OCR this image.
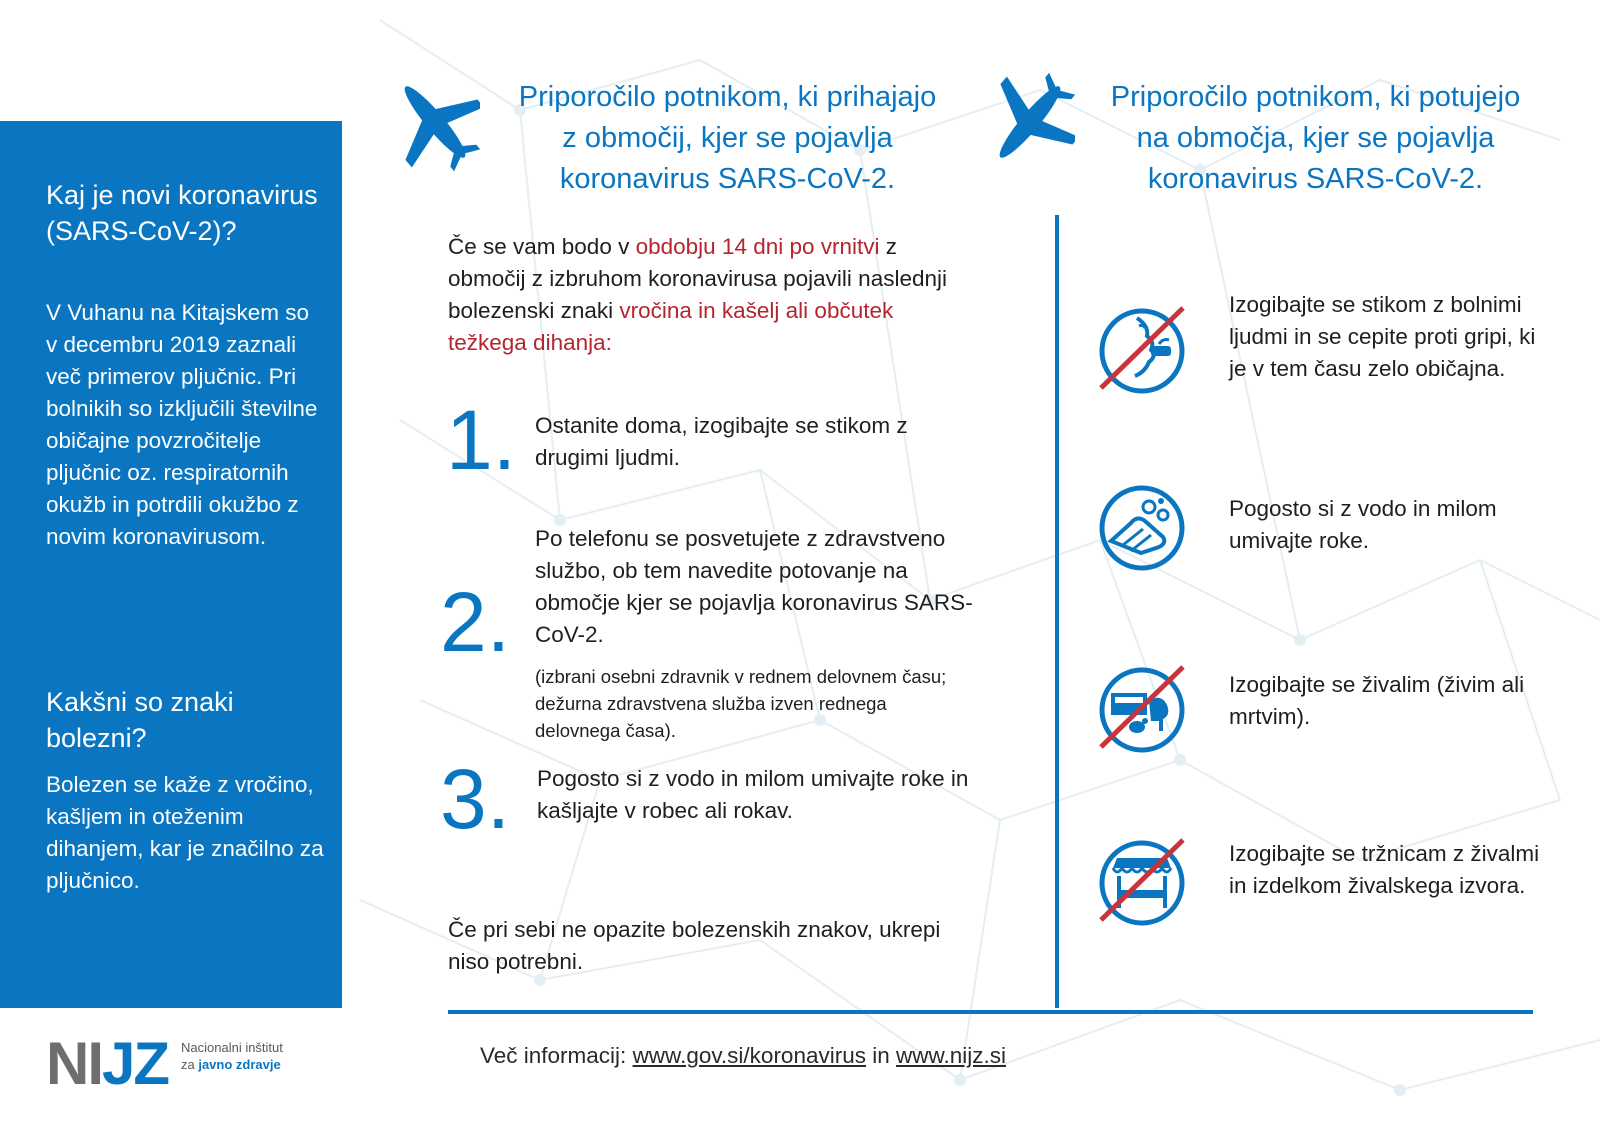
Kaj je novi koronavirus (SARS-CoV-2)?
V Vuhanu na Kitajskem so v decembru 2019 zaznali več primerov pljučnic. Pri bolnikih so izključili številne običajne povzročitelje pljučnic oz. respiratornih okužb in potrdili okužbo z novim koronavirusom.
Kakšni so znaki bolezni?
Bolezen se kaže z vročino, kašljem in oteženim dihanjem, kar je značilno za pljučnico.
Priporočilo potnikom, ki prihajajo
z območij, kjer se pojavlja
koronavirus SARS-CoV-2.
Priporočilo potnikom, ki potujejo
na območja, kjer se pojavlja
koronavirus SARS-CoV-2.
Če se vam bodo v obdobju 14 dni po vrnitvi z območij z izbruhom koronavirusa pojavili naslednji bolezenski znaki vročina in kašelj ali občutek težkega dihanja:
1. Ostanite doma, izogibajte se stikom z drugimi ljudmi.
2.
Po telefonu se posvetujete z zdravstveno službo, ob tem navedite potovanje na območje kjer se pojavlja koronavirus SARS-CoV-2.
(izbrani osebni zdravnik v rednem delovnem času; dežurna zdravstvena služba izven rednega delovnega časa).
3. Pogosto si z vodo in milom umivajte roke in kašljajte v robec ali rokav.
Če pri sebi ne opazite bolezenskih znakov, ukrepi niso potrebni.
Izogibajte se stikom z bolnimi ljudmi in se cepite proti gripi, ki je v tem času zelo običajna.
Pogosto si z vodo in milom umivajte roke.
Izogibajte se živalim (živim ali mrtvim).
Izogibajte se tržnicam z živalmi in izdelkom živalskega izvora.
Več informacij: www.gov.si/koronavirus in www.nijz.si
NIJZ Nacionalni inštitut
za javno zdravje
